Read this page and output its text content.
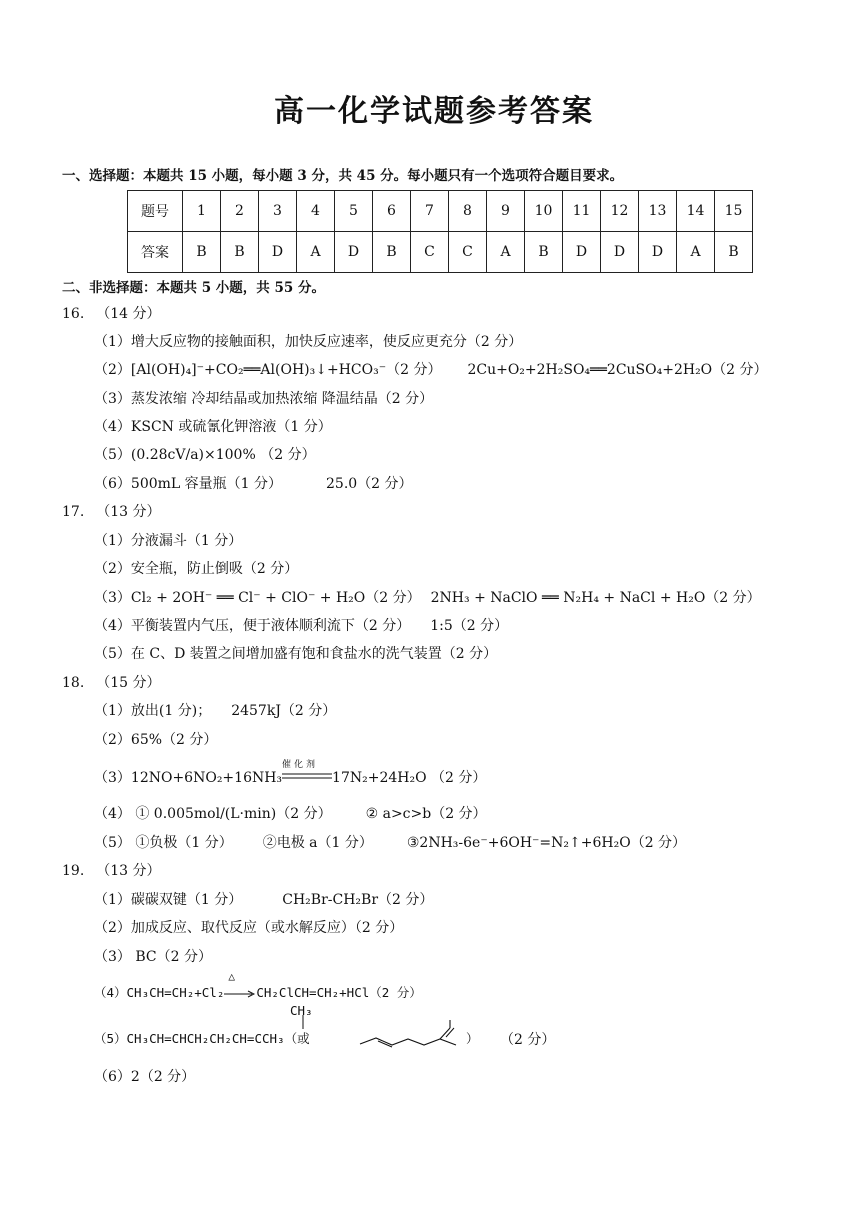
高一化学试题参考答案
一、选择题：本题共 15 小题，每小题 3 分，共 45 分。每小题只有一个选项符合题目要求。
题号	1	2	3	4	5	6	7	8	9	10	11	12	13	14	15
答案	B	B	D	A	D	B	C	C	A	B	D	D	D	A	B
二、非选择题：本题共 5 小题，共 55 分。
16. （14 分）
（1）增大反应物的接触面积，加快反应速率，使反应更充分（2 分）
（2）[Al(OH)₄]⁻+CO₂══Al(OH)₃↓+HCO₃⁻（2 分） 2Cu+O₂+2H₂SO₄══2CuSO₄+2H₂O（2 分）
（3）蒸发浓缩 冷却结晶或加热浓缩 降温结晶（2 分）
（4）KSCN 或硫氰化钾溶液（1 分）
（5）(0.28cV/a)×100% （2 分）
（6）500mL 容量瓶（1 分）	25.0（2 分）
17. （13 分）
（1）分液漏斗（1 分）
（2）安全瓶，防止倒吸（2 分）
（3）Cl₂ + 2OH⁻ ══ Cl⁻ + ClO⁻ + H₂O（2 分） 2NH₃ + NaClO ══ N₂H₄ + NaCl + H₂O（2 分）
（4）平衡装置内气压，便于液体顺利流下（2 分） 1:5（2 分）
（5）在 C、D 装置之间增加盛有饱和食盐水的洗气装置（2 分）
18. （15 分）
（1）放出(1 分)； 2457kJ（2 分）
（2）65%（2 分）
（3）12NO+6NO₂+16NH₃
催化剂
17N₂+24H₂O （2 分）
（4） ① 0.005mol/(L·min)（2 分） ② a>c>b（2 分）
（5） ①负极（1 分） ②电极 a（1 分） ③2NH₃-6e⁻+6OH⁻=N₂↑+6H₂O（2 分）
19. （13 分）
（1）碳碳双键（1 分）	CH₂Br-CH₂Br（2 分）
（2）加成反应、取代反应（或水解反应）（2 分）
（3） BC（2 分）
（4）CH₃CH=CH₂+Cl₂
△
CH₂ClCH=CH₂+HCl（2 分）
CH₃
（5）CH₃CH=CHCH₂CH₂CH=CCH₃（或	） （2 分）
（6）2（2 分）
